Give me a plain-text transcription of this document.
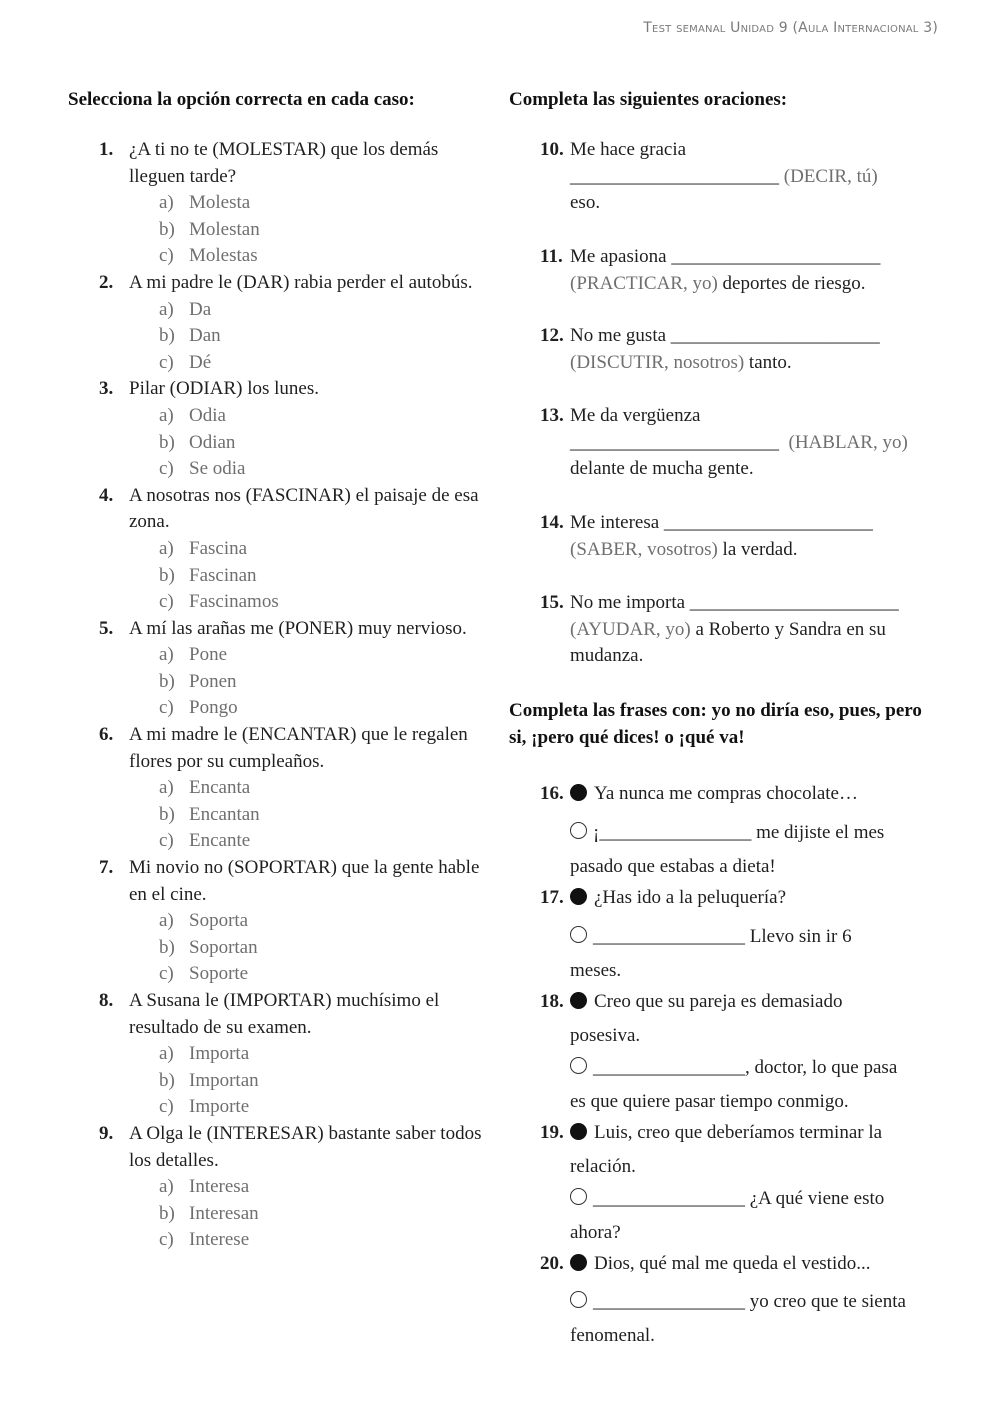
Test semanal Unidad 9 (Aula Internacional 3)
Selecciona la opción correcta en cada caso:
1. ¿A ti no te (MOLESTAR) que los demás lleguen tarde?
a) Molesta
b) Molestan
c) Molestas
2. A mi padre le (DAR) rabia perder el autobús.
a) Da
b) Dan
c) Dé
3. Pilar (ODIAR) los lunes.
a) Odia
b) Odian
c) Se odia
4. A nosotras nos (FASCINAR) el paisaje de esa zona.
a) Fascina
b) Fascinan
c) Fascinamos
5. A mí las arañas me (PONER) muy nervioso.
a) Pone
b) Ponen
c) Pongo
6. A mi madre le (ENCANTAR) que le regalen flores por su cumpleaños.
a) Encanta
b) Encantan
c) Encante
7. Mi novio no (SOPORTAR) que la gente hable en el cine.
a) Soporta
b) Soportan
c) Soporte
8. A Susana le (IMPORTAR) muchísimo el resultado de su examen.
a) Importa
b) Importan
c) Importe
9. A Olga le (INTERESAR) bastante saber todos los detalles.
a) Interesa
b) Interesan
c) Interese
Completa las siguientes oraciones:
10. Me hace gracia
______________________ (DECIR, tú)
eso.
11. Me apasiona ______________________
(PRACTICAR, yo) deportes de riesgo.
12. No me gusta ______________________
(DISCUTIR, nosotros) tanto.
13. Me da vergüenza
______________________ (HABLAR, yo)
delante de mucha gente.
14. Me interesa ______________________
(SABER, vosotros) la verdad.
15. No me importa ______________________
(AYUDAR, yo) a Roberto y Sandra en su mudanza.
Completa las frases con: yo no diría eso, pues, pero si, ¡pero qué dices! o ¡qué va!
16. Ya nunca me compras chocolate…
¡________________ me dijiste el mes
pasado que estabas a dieta!
17. ¿Has ido a la peluquería?
________________ Llevo sin ir 6
meses.
18. Creo que su pareja es demasiado
posesiva.
________________, doctor, lo que pasa
es que quiere pasar tiempo conmigo.
19. Luis, creo que deberíamos terminar la
relación.
________________ ¿A qué viene esto
ahora?
20. Dios, qué mal me queda el vestido...
________________ yo creo que te sienta
fenomenal.
